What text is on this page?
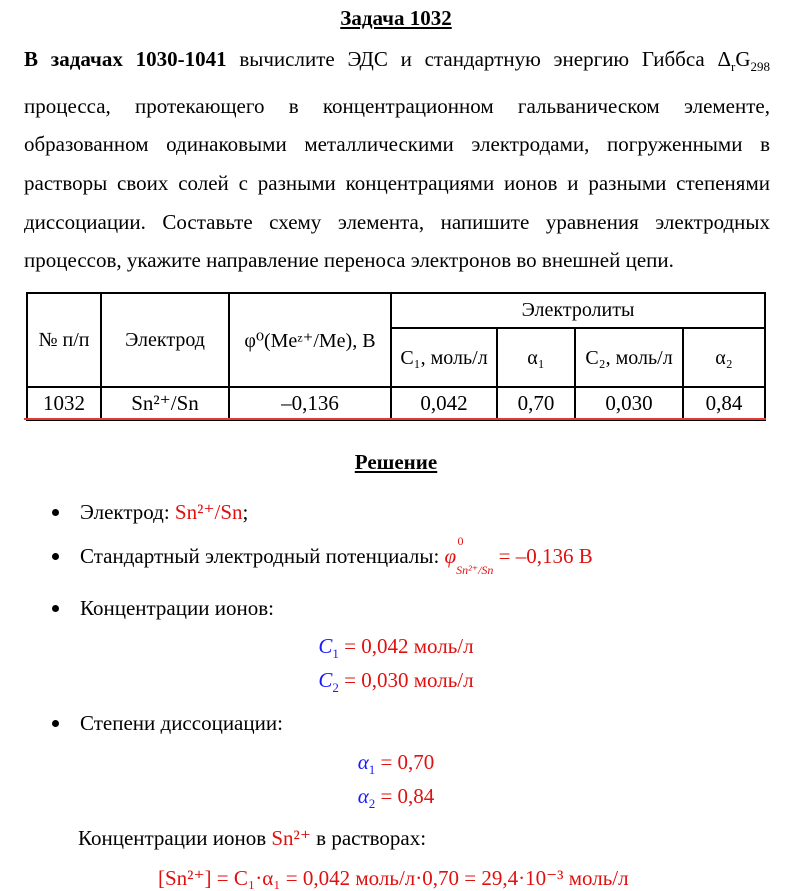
Задача 1032
В задачах 1030-1041 вычислите ЭДС и стандартную энергию Гиббса $\Delta_rG_{298}$ процесса, протекающего в концентрационном гальваническом элементе, образованном одинаковыми металлическими электродами, погруженными в растворы своих солей с разными концентрациями ионов и разными степенями диссоциации. Составьте схему элемента, напишите уравнения электродных процессов, укажите направление переноса электронов во внешней цепи.
№ п/п	Электрод	φ⁰(Meᶻ⁺/Me), В	Электролиты			
			C₁, моль/л	α₁	C₂, моль/л	α₂
1032	Sn²⁺/Sn	–0,136	0,042	0,70	0,030	0,84
Решение
Электрод: Sn²⁺/Sn;
Стандартный электродный потенциалы: φ
0
$_{Sn^{2+}/Sn}$ = –0,136 В
Концентрации ионов:
$C_1 = 0,042$ моль/л
$C_2 = 0,030$ моль/л
Степени диссоциации:
$\alpha_1 = 0,70$
$\alpha_2 = 0,84$
Концентрации ионов Sn²⁺ в растворах:
[Sn²⁺] = C₁·α₁ = 0,042 моль/л·0,70 = 29,4·10⁻³ моль/л
